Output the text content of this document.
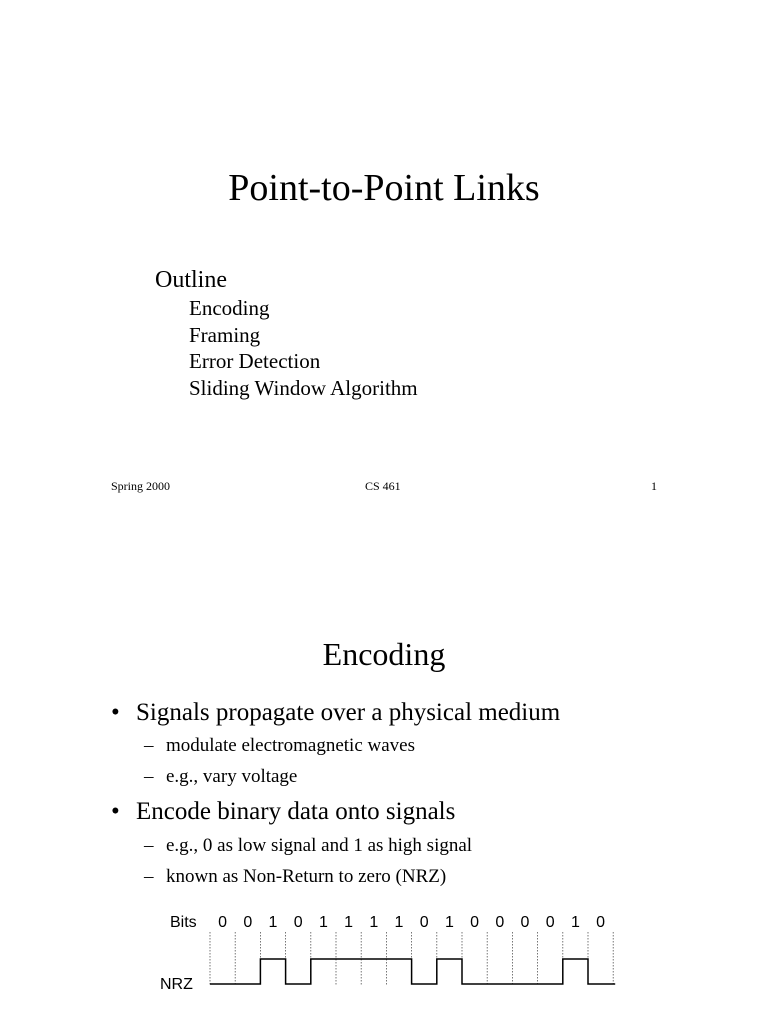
Point-to-Point Links
Outline
Encoding
Framing
Error Detection
Sliding Window Algorithm
Spring 2000	CS 461	1
Encoding
• Signals propagate over a physical medium
– modulate electromagnetic waves
– e.g., vary voltage
• Encode binary data onto signals
– e.g., 0 as low signal and 1 as high signal
– known as Non-Return to zero (NRZ)
Bits
NRZ
0 0 1 0 1 1 1 1 0 1 0 0 0 0 1 0
